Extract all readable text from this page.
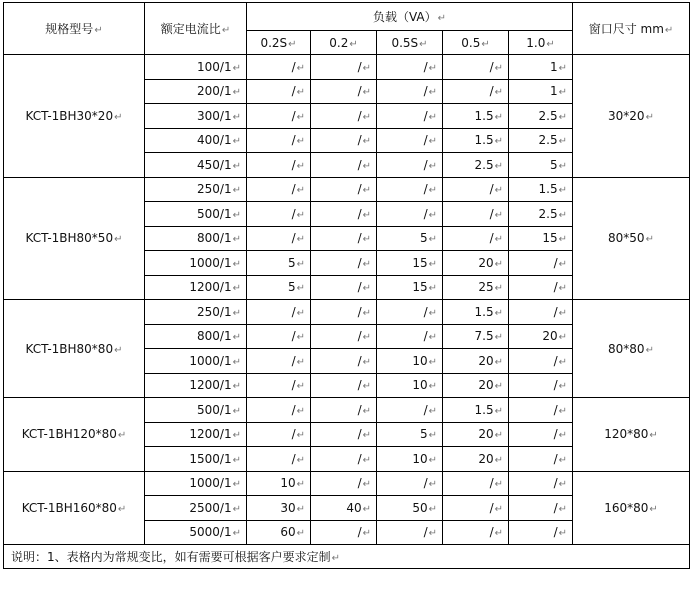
规格型号↵	额定电流比↵	负载（VA）↵					窗口尺寸 mm↵
		0.2S↵	0.2↵	0.5S↵	0.5↵	1.0↵	
KCT-1BH30*20↵	100/1↵	/↵	/↵	/↵	/↵	1↵	30*20↵
	200/1↵	/↵	/↵	/↵	/↵	1↵	
	300/1↵	/↵	/↵	/↵	1.5↵	2.5↵	
	400/1↵	/↵	/↵	/↵	1.5↵	2.5↵	
	450/1↵	/↵	/↵	/↵	2.5↵	5↵	
KCT-1BH80*50↵	250/1↵	/↵	/↵	/↵	/↵	1.5↵	80*50↵
	500/1↵	/↵	/↵	/↵	/↵	2.5↵	
	800/1↵	/↵	/↵	5↵	/↵	15↵	
	1000/1↵	5↵	/↵	15↵	20↵	/↵	
	1200/1↵	5↵	/↵	15↵	25↵	/↵	
KCT-1BH80*80↵	250/1↵	/↵	/↵	/↵	1.5↵	/↵	80*80↵
	800/1↵	/↵	/↵	/↵	7.5↵	20↵	
	1000/1↵	/↵	/↵	10↵	20↵	/↵	
	1200/1↵	/↵	/↵	10↵	20↵	/↵	
KCT-1BH120*80↵	500/1↵	/↵	/↵	/↵	1.5↵	/↵	120*80↵
	1200/1↵	/↵	/↵	5↵	20↵	/↵	
	1500/1↵	/↵	/↵	10↵	20↵	/↵	
KCT-1BH160*80↵	1000/1↵	10↵	/↵	/↵	/↵	/↵	160*80↵
	2500/1↵	30↵	40↵	50↵	/↵	/↵	
	5000/1↵	60↵	/↵	/↵	/↵	/↵	
说明：1、表格内为常规变比，如有需要可根据客户要求定制↵							
